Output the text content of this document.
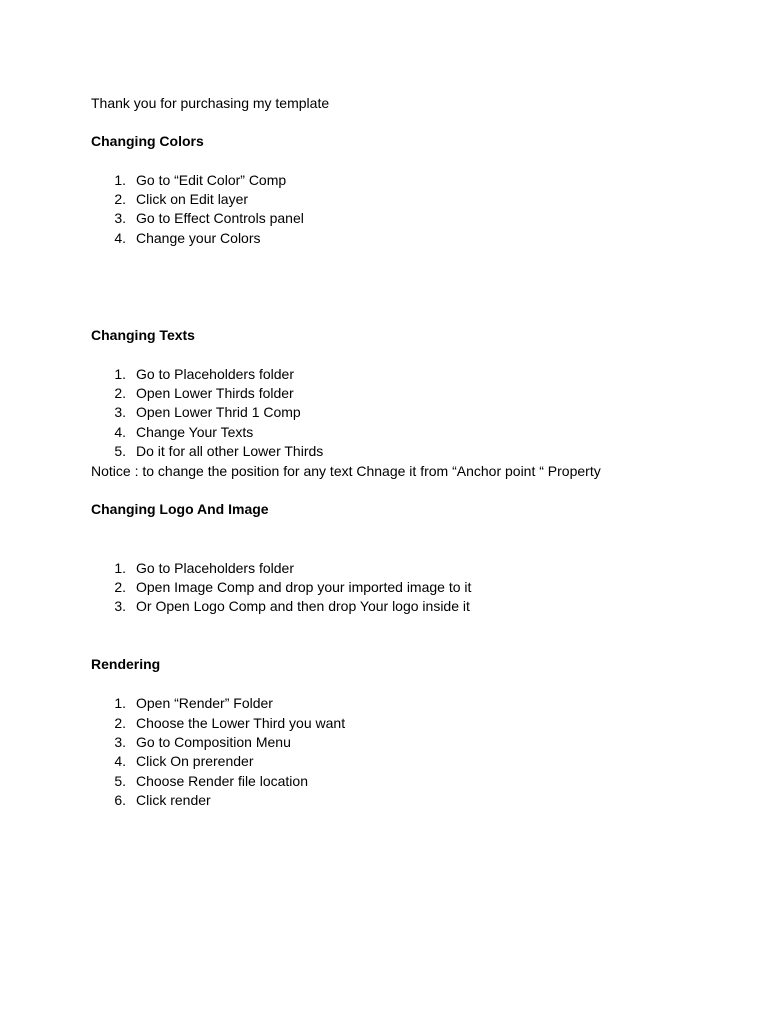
Thank you for purchasing my template
Changing Colors
1. Go to “Edit Color” Comp
2. Click on Edit layer
3. Go to Effect Controls panel
4. Change your Colors
Changing Texts
1. Go to Placeholders folder
2. Open Lower Thirds folder
3. Open Lower Thrid 1 Comp
4. Change Your Texts
5. Do it for all other Lower Thirds
Notice : to change the position for any text Chnage it from “Anchor point “ Property
Changing Logo And Image
1. Go to Placeholders folder
2. Open Image Comp and drop your imported image to it
3. Or Open Logo Comp and then drop Your logo inside it
Rendering
1. Open “Render” Folder
2. Choose the Lower Third you want
3. Go to Composition Menu
4. Click On prerender
5. Choose Render file location
6. Click render
